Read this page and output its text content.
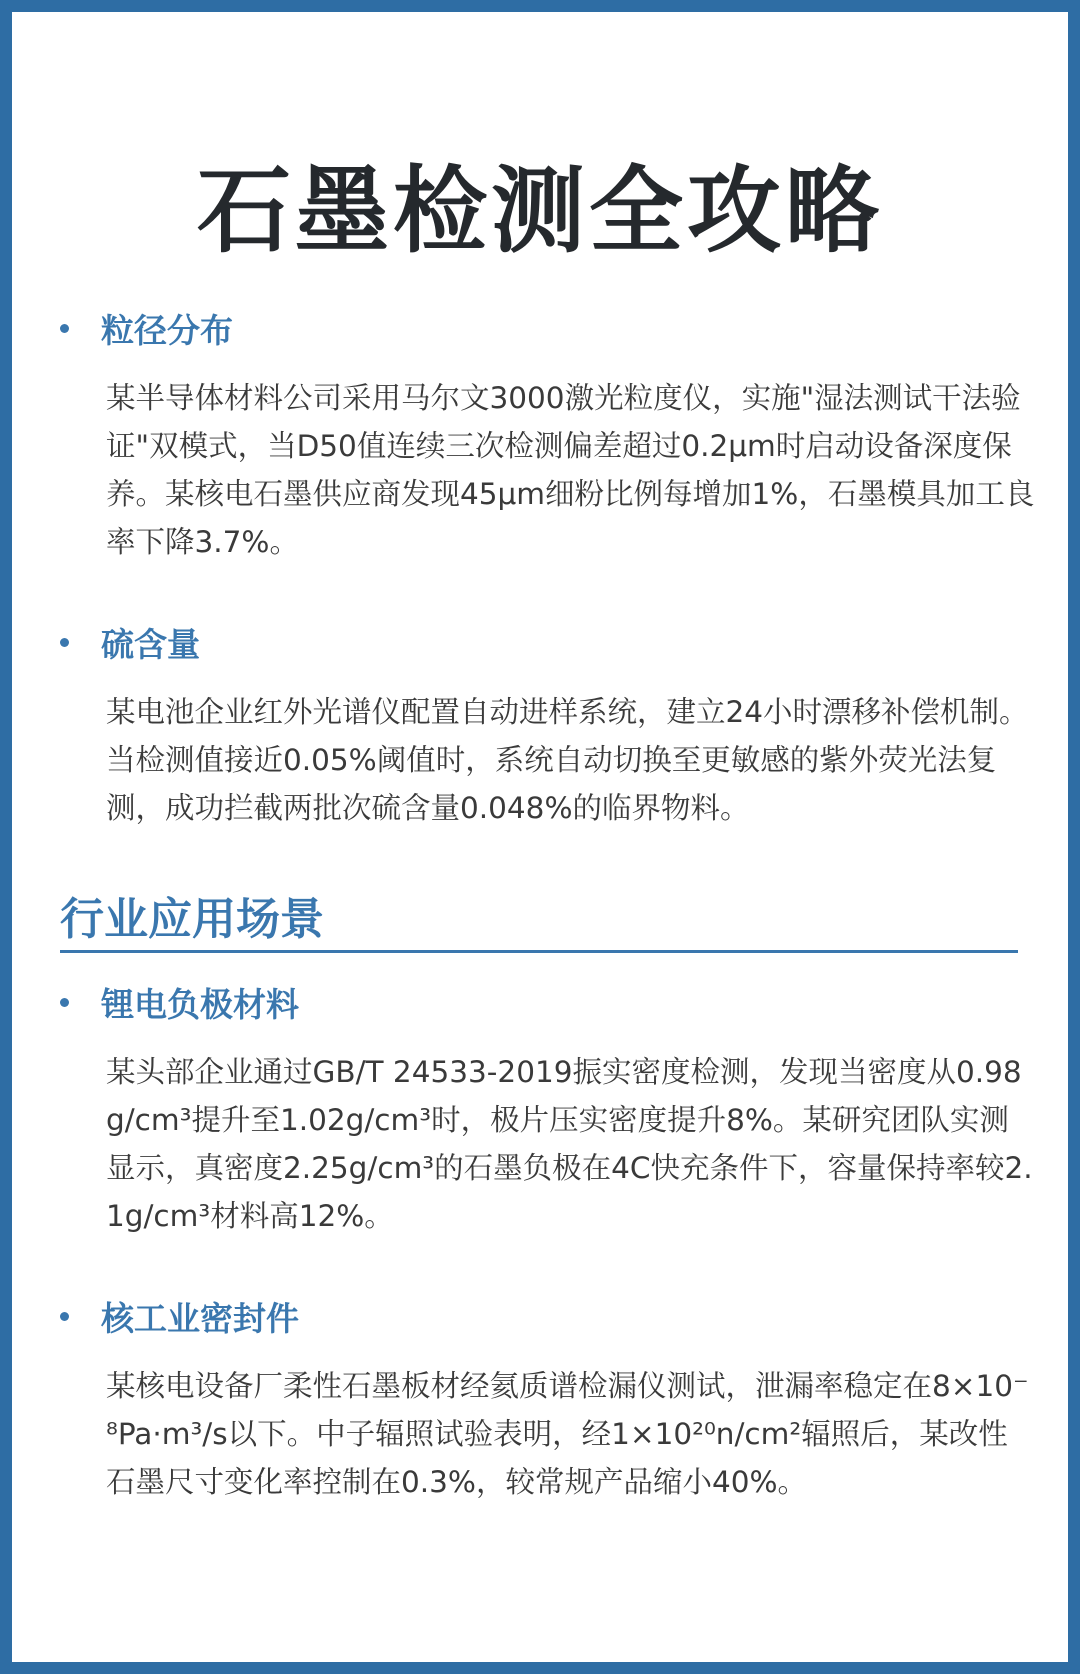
石墨检测全攻略
粒径分布

某半导体材料公司采用马尔文3000激光粒度仪，实施"湿法测试干法验证"双模式，当D50值连续三次检测偏差超过0.2μm时启动设备深度保养。某核电石墨供应商发现45μm细粉比例每增加1%，石墨模具加工良率下降3.7%。

硫含量

某电池企业红外光谱仪配置自动进样系统，建立24小时漂移补偿机制。当检测值接近0.05%阈值时，系统自动切换至更敏感的紫外荧光法复测，成功拦截两批次硫含量0.048%的临界物料。

行业应用场景
锂电负极材料

某头部企业通过GB/T 24533-2019振实密度检测，发现当密度从0.98g/cm³提升至1.02g/cm³时，极片压实密度提升8%。某研究团队实测显示，真密度2.25g/cm³的石墨负极在4C快充条件下，容量保持率较2.1g/cm³材料高12%。

核工业密封件

某核电设备厂柔性石墨板材经氦质谱检漏仪测试，泄漏率稳定在8×10⁻⁸Pa·m³/s以下。中子辐照试验表明，经1×10²⁰n/cm²辐照后，某改性石墨尺寸变化率控制在0.3%，较常规产品缩小40%。
